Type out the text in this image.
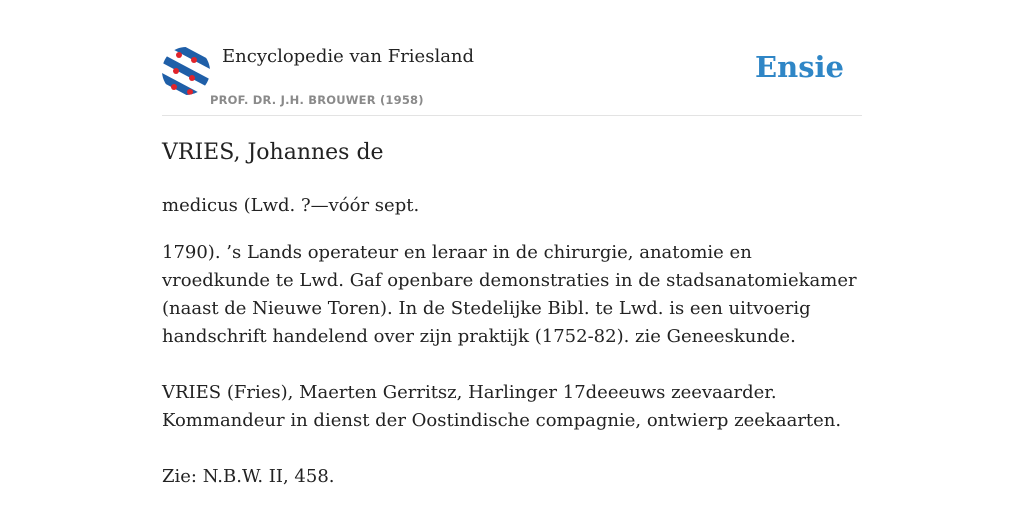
Encyclopedie van Friesland
PROF. DR. J.H. BROUWER (1958)
Ensie
VRIES, Johannes de

medicus (Lwd. ?—vóór sept.

1790). ’s Lands operateur en leraar in de chirurgie, anatomie en vroedkunde te Lwd. Gaf openbare demonstraties in de stadsanatomiekamer (naast de Nieuwe Toren). In de Stedelijke Bibl. te Lwd. is een uitvoerig handschrift handelend over zijn praktijk (1752-82). zie Geneeskunde.

VRIES (Fries), Maerten Gerritsz, Harlinger 17deeeuws zeevaarder. Kommandeur in dienst der Oostindische compagnie, ontwierp zeekaarten.

Zie: N.B.W. II, 458.
